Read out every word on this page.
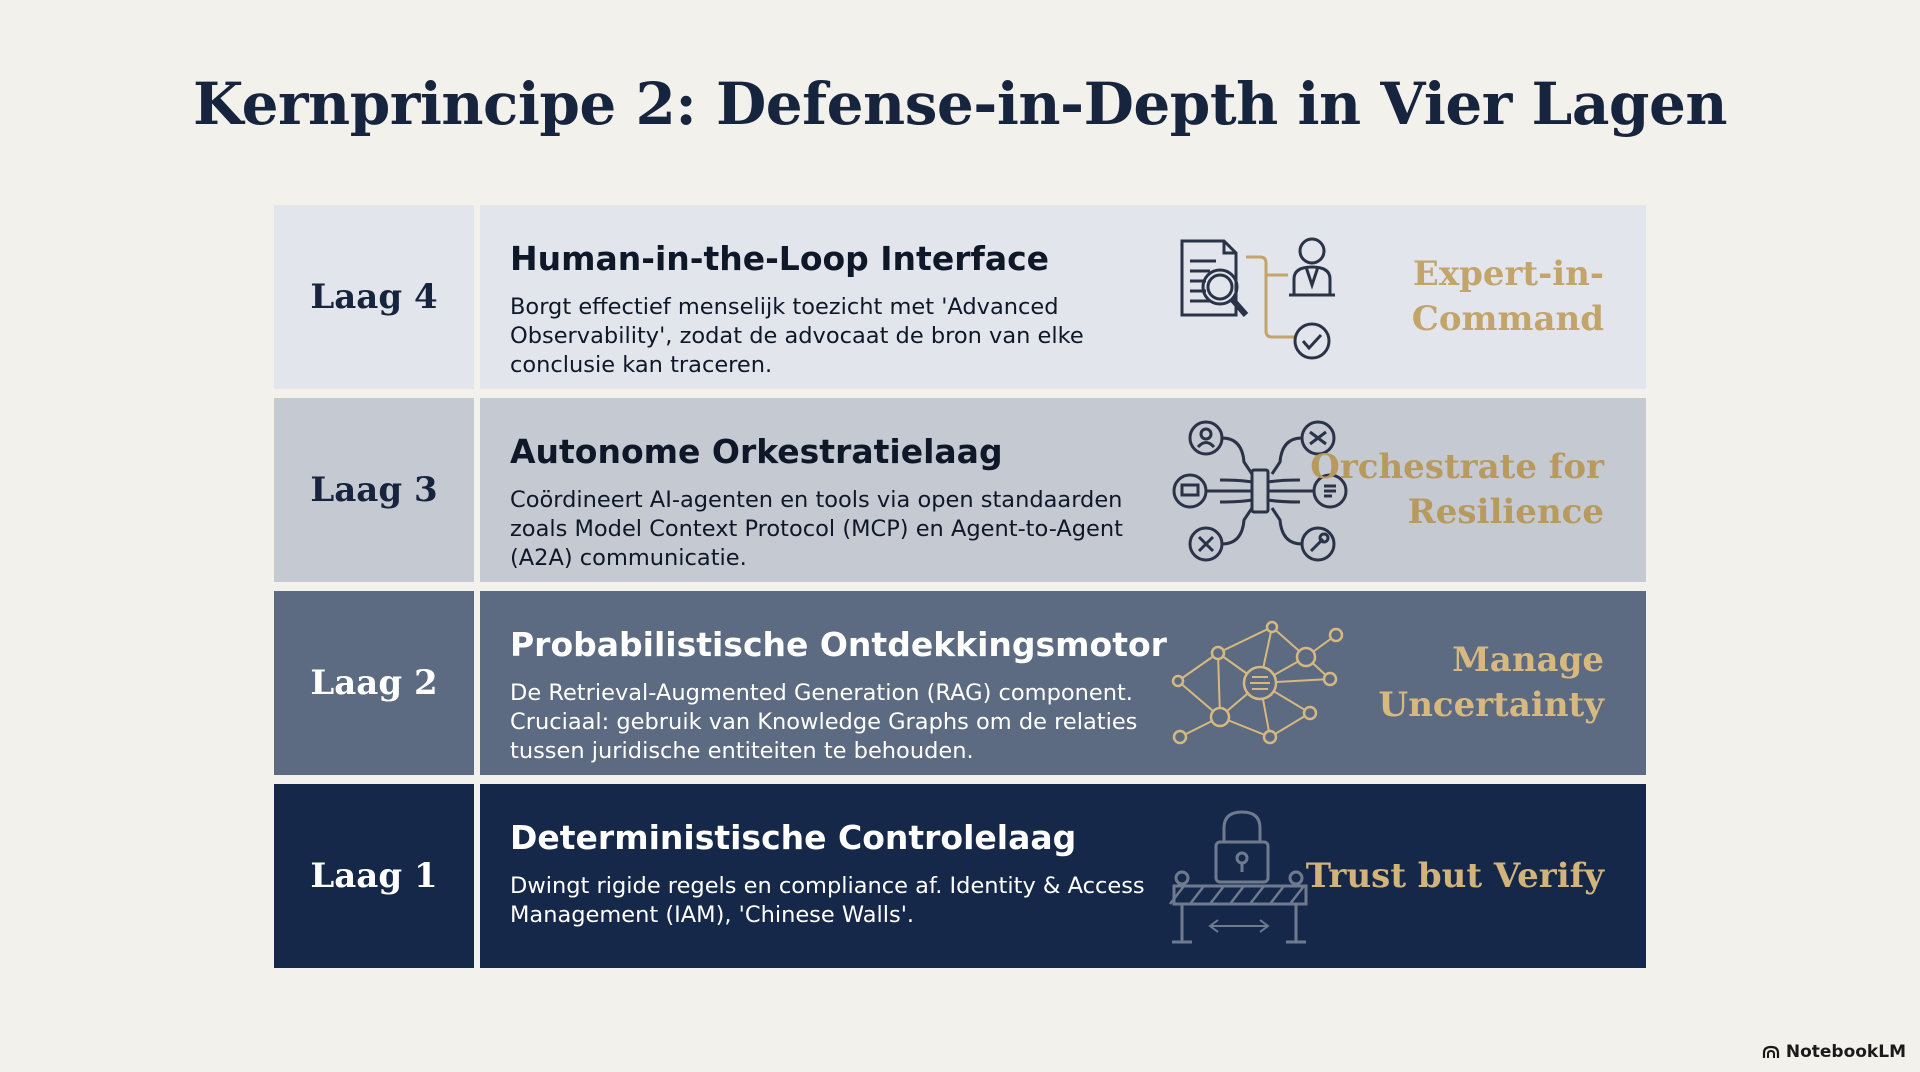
Kernprincipe 2: Defense-in-Depth in Vier Lagen
Laag 4
Human-in-the-Loop Interface
Borgt effectief menselijk toezicht met 'Advanced Observability', zodat de advocaat de bron van elke conclusie kan traceren.
Expert-in-Command
Laag 3
Autonome Orkestratielaag
Coördineert AI-agenten en tools via open standaarden zoals Model Context Protocol (MCP) en Agent-to-Agent (A2A) communicatie.
Orchestrate for Resilience
Laag 2
Probabilistische Ontdekkingsmotor
De Retrieval-Augmented Generation (RAG) component. Cruciaal: gebruik van Knowledge Graphs om de relaties tussen juridische entiteiten te behouden.
Manage Uncertainty
Laag 1
Deterministische Controlelaag
Dwingt rigide regels en compliance af. Identity & Access Management (IAM), 'Chinese Walls'.
Trust but Verify
NotebookLM
